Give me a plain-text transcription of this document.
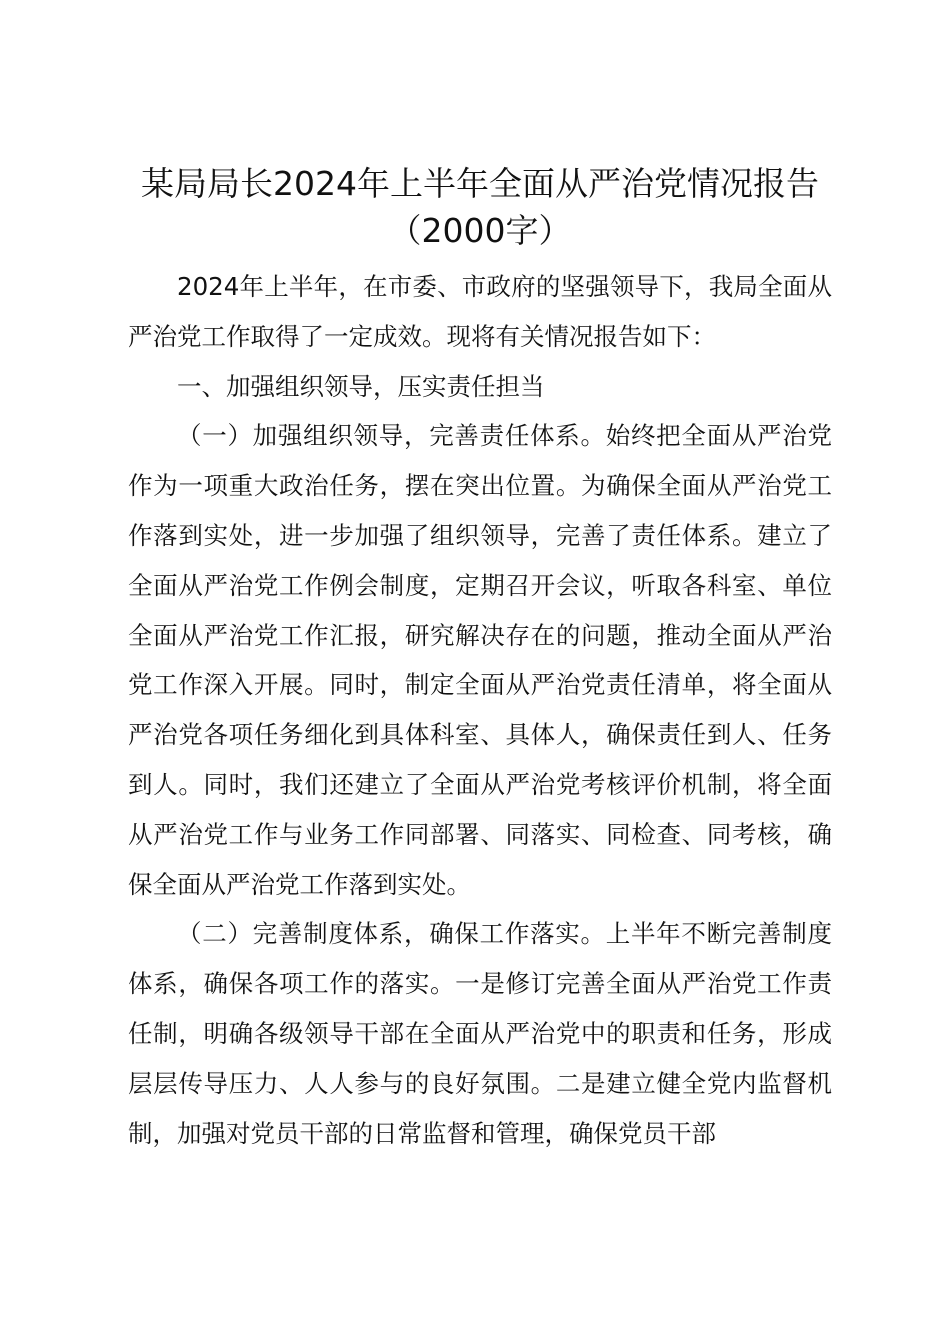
某局局长2024年上半年全面从严治党情况报告（2000字）

2024年上半年，在市委、市政府的坚强领导下，我局全面从严治党工作取得了一定成效。现将有关情况报告如下：

一、加强组织领导，压实责任担当

（一）加强组织领导，完善责任体系。始终把全面从严治党作为一项重大政治任务，摆在突出位置。为确保全面从严治党工作落到实处，进一步加强了组织领导，完善了责任体系。建立了全面从严治党工作例会制度，定期召开会议，听取各科室、单位全面从严治党工作汇报，研究解决存在的问题，推动全面从严治党工作深入开展。同时，制定全面从严治党责任清单，将全面从严治党各项任务细化到具体科室、具体人，确保责任到人、任务到人。同时，我们还建立了全面从严治党考核评价机制，将全面从严治党工作与业务工作同部署、同落实、同检查、同考核，确保全面从严治党工作落到实处。

（二）完善制度体系，确保工作落实。上半年不断完善制度体系，确保各项工作的落实。一是修订完善全面从严治党工作责任制，明确各级领导干部在全面从严治党中的职责和任务，形成层层传导压力、人人参与的良好氛围。二是建立健全党内监督机制，加强对党员干部的日常监督和管理，确保党员干部
